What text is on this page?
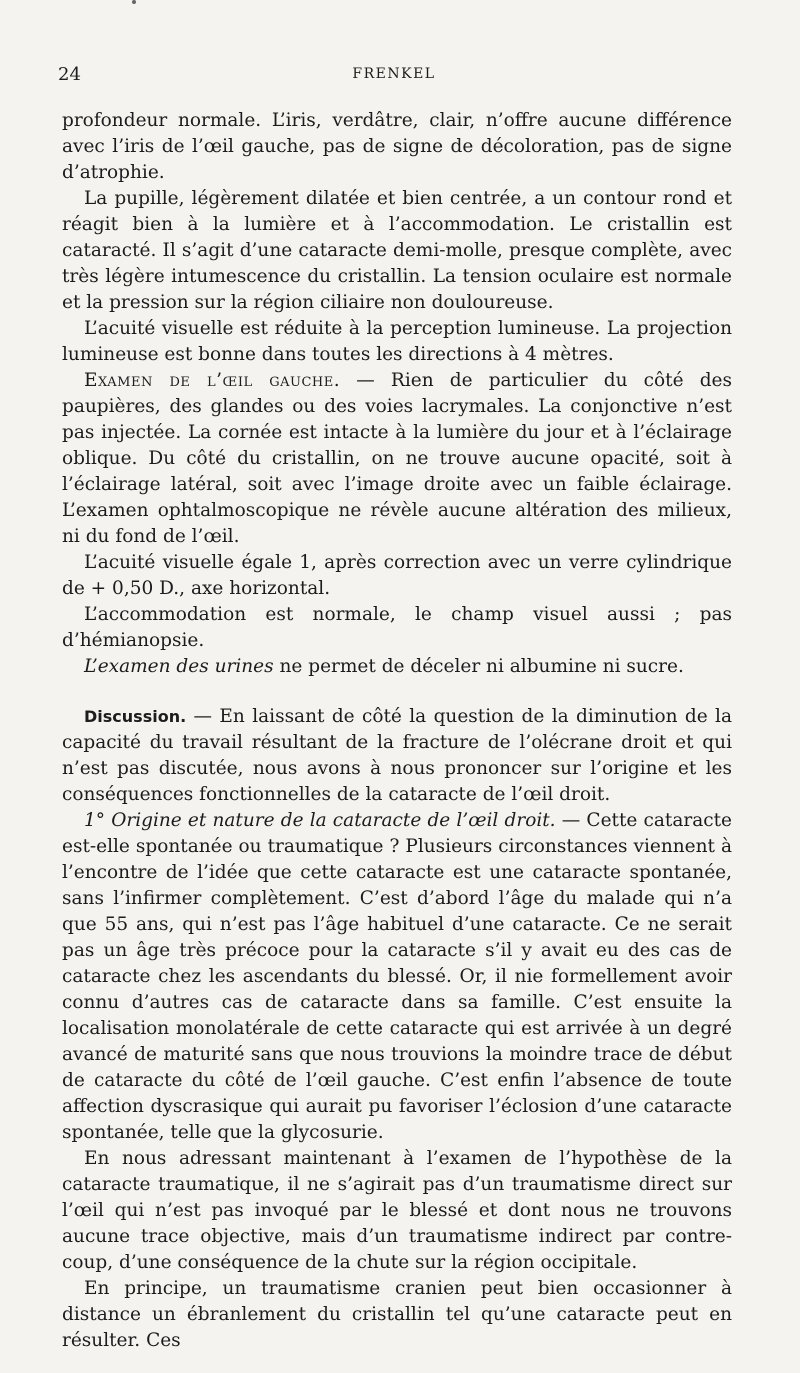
24	FRENKEL

profondeur normale. L’iris, verdâtre, clair, n’offre aucune différence avec l’iris de l’œil gauche, pas de signe de décoloration, pas de signe d’atrophie.

La pupille, légèrement dilatée et bien centrée, a un contour rond et réagit bien à la lumière et à l’accommodation. Le cristallin est cataracté. Il s’agit d’une cataracte demi-molle, presque complète, avec très légère intumescence du cristallin. La tension oculaire est normale et la pression sur la région ciliaire non douloureuse.

L’acuité visuelle est réduite à la perception lumineuse. La projection lumineuse est bonne dans toutes les directions à 4 mètres.

Examen de l’œil gauche. — Rien de particulier du côté des paupières, des glandes ou des voies lacrymales. La conjonctive n’est pas injectée. La cornée est intacte à la lumière du jour et à l’éclairage oblique. Du côté du cristallin, on ne trouve aucune opacité, soit à l’éclairage latéral, soit avec l’image droite avec un faible éclairage. L’examen ophtalmoscopique ne révèle aucune altération des milieux, ni du fond de l’œil.

L’acuité visuelle égale 1, après correction avec un verre cylindrique de + 0,50 D., axe horizontal.

L’accommodation est normale, le champ visuel aussi ; pas d’hémianopsie.

L’examen des urines ne permet de déceler ni albumine ni sucre.

Discussion. — En laissant de côté la question de la diminution de la capacité du travail résultant de la fracture de l’olécrane droit et qui n’est pas discutée, nous avons à nous prononcer sur l’origine et les conséquences fonctionnelles de la cataracte de l’œil droit.

1° Origine et nature de la cataracte de l’œil droit. — Cette cataracte est-elle spontanée ou traumatique ? Plusieurs circonstances viennent à l’encontre de l’idée que cette cataracte est une cataracte spontanée, sans l’infirmer complètement. C’est d’abord l’âge du malade qui n’a que 55 ans, qui n’est pas l’âge habituel d’une cataracte. Ce ne serait pas un âge très précoce pour la cataracte s’il y avait eu des cas de cataracte chez les ascendants du blessé. Or, il nie formellement avoir connu d’autres cas de cataracte dans sa famille. C’est ensuite la localisation monolatérale de cette cataracte qui est arrivée à un degré avancé de maturité sans que nous trouvions la moindre trace de début de cataracte du côté de l’œil gauche. C’est enfin l’absence de toute affection dyscrasique qui aurait pu favoriser l’éclosion d’une cataracte spontanée, telle que la glycosurie.

En nous adressant maintenant à l’examen de l’hypothèse de la cataracte traumatique, il ne s’agirait pas d’un traumatisme direct sur l’œil qui n’est pas invoqué par le blessé et dont nous ne trouvons aucune trace objective, mais d’un traumatisme indirect par contre-coup, d’une conséquence de la chute sur la région occipitale.

En principe, un traumatisme cranien peut bien occasionner à distance un ébranlement du cristallin tel qu’une cataracte peut en résulter. Ces
